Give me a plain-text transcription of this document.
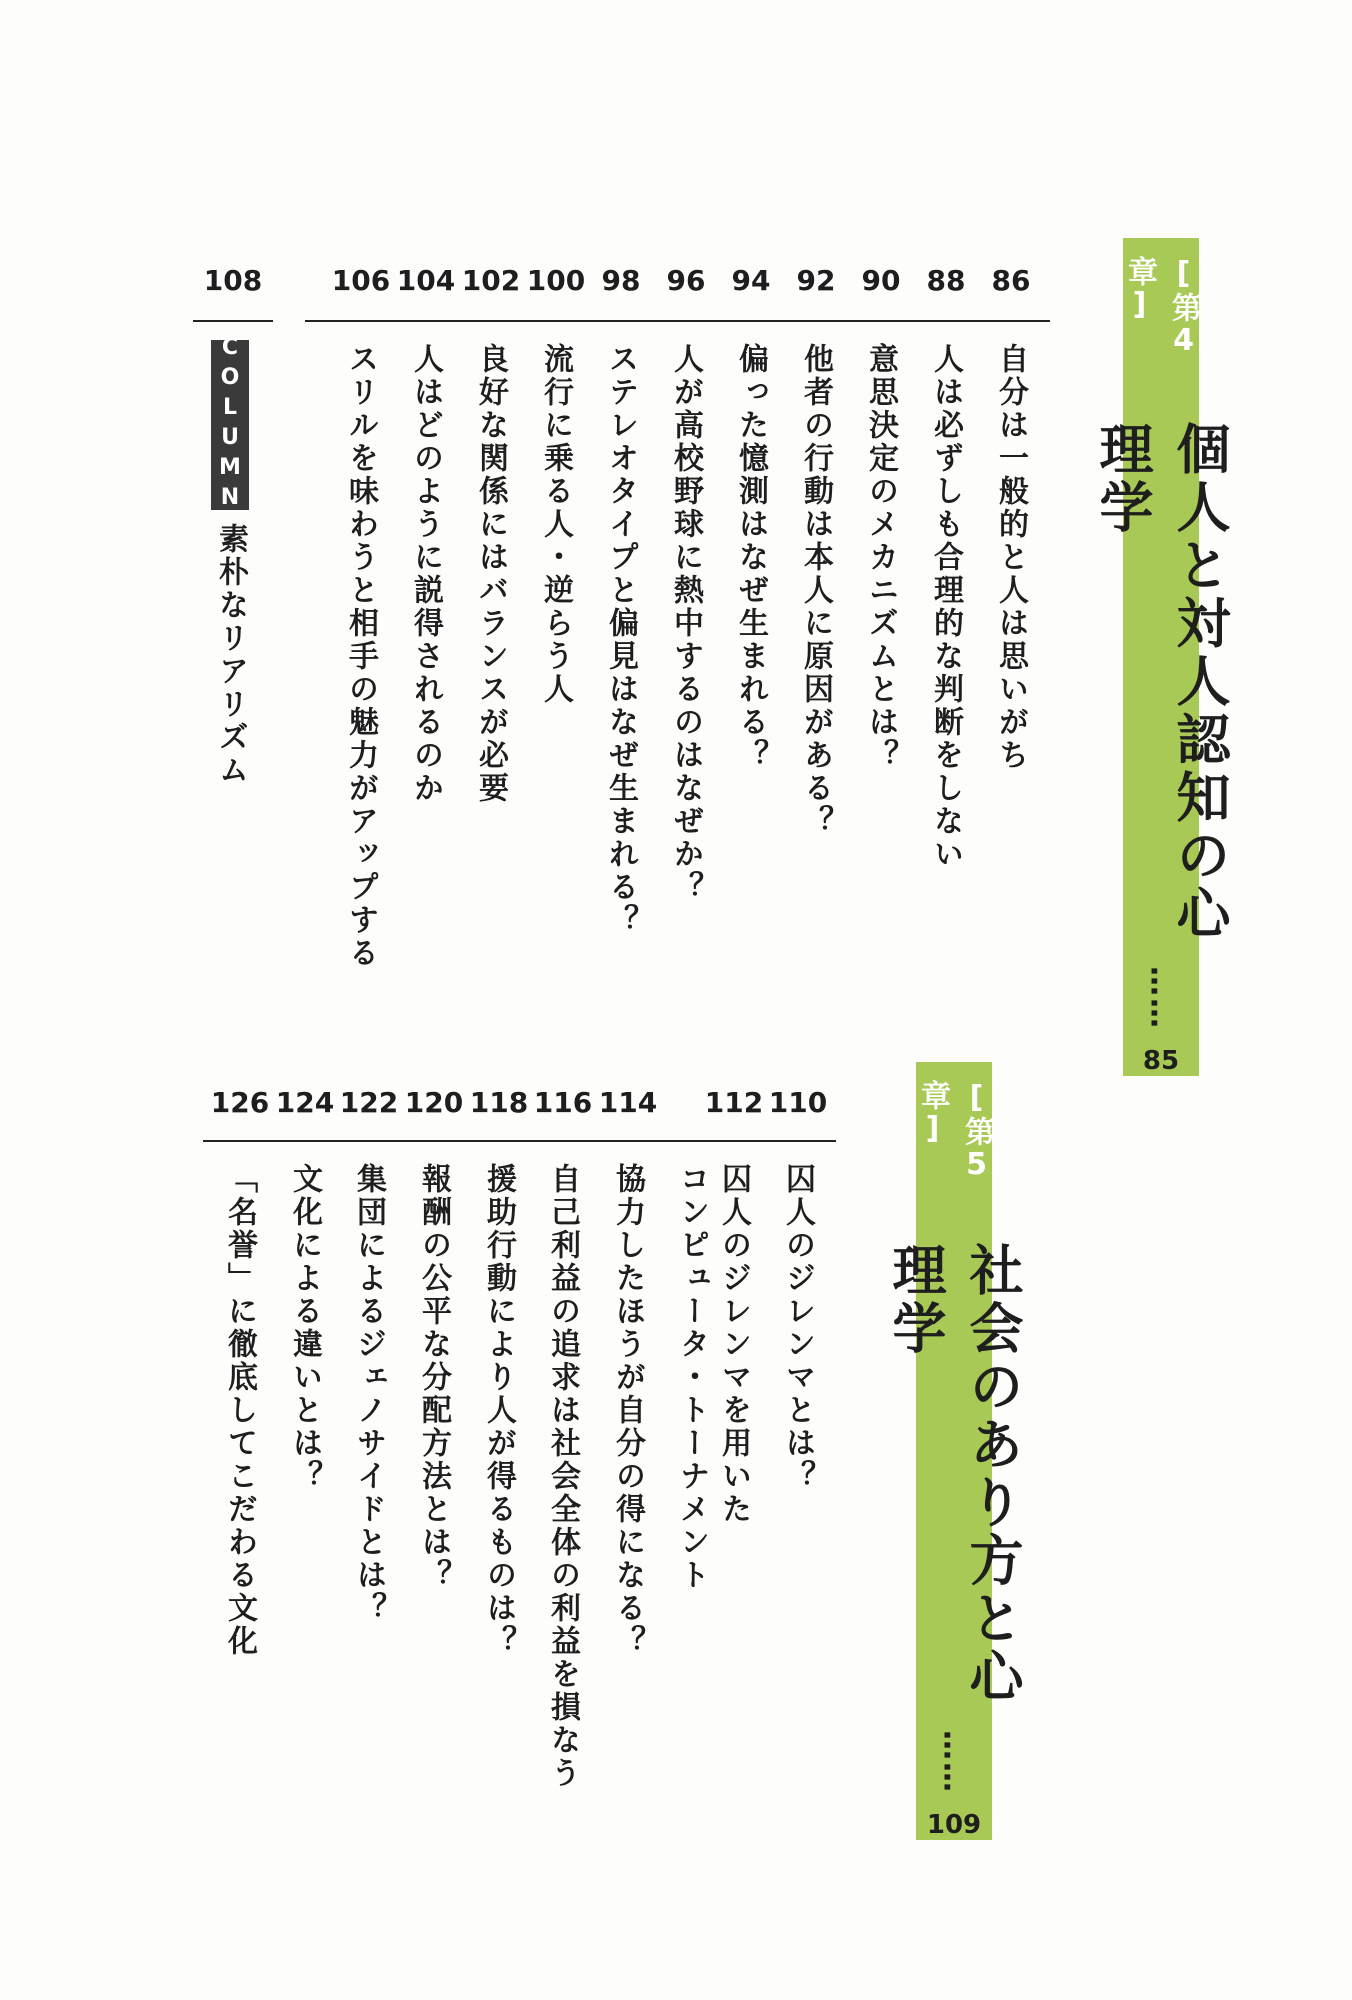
[第4章]
個人と対人認知の心理学
……
85
86
88
90
92
94
96
98
100
102
104
106
108
自分は一般的と人は思いがち
人は必ずしも合理的な判断をしない
意思決定のメカニズムとは？
他者の行動は本人に原因がある？
偏った憶測はなぜ生まれる？
人が高校野球に熱中するのはなぜか？
ステレオタイプと偏見はなぜ生まれる？
流行に乗る人・逆らう人
良好な関係にはバランスが必要
人はどのように説得されるのか
スリルを味わうと相手の魅力がアップする
COLUMN
素朴なリアリズム
[第5章]
社会のあり方と心理学
……
109
110
112
114
116
118
120
122
124
126
囚人のジレンマとは？
囚人のジレンマを用いた
コンピュータ・トーナメント
協力したほうが自分の得になる？
自己利益の追求は社会全体の利益を損なう
援助行動により人が得るものは？
報酬の公平な分配方法とは？
集団によるジェノサイドとは？
文化による違いとは？
「名誉」に徹底してこだわる文化
